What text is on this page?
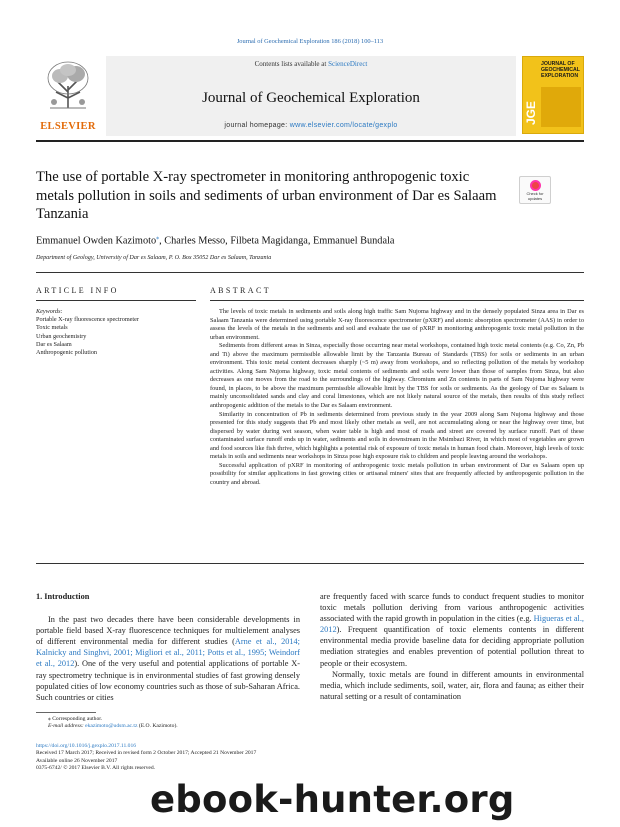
Journal of Geochemical Exploration 186 (2018) 100–113
ELSEVIER
Contents lists available at ScienceDirect
Journal of Geochemical Exploration
journal homepage: www.elsevier.com/locate/gexplo
JGE
JOURNAL OF GEOCHEMICAL EXPLORATION
The use of portable X-ray spectrometer in monitoring anthropogenic toxic metals pollution in soils and sediments of urban environment of Dar es Salaam Tanzania
Check for updates
Emmanuel Owden Kazimoto⁎, Charles Messo, Filbeta Magidanga, Emmanuel Bundala
Department of Geology, University of Dar es Salaam, P. O. Box 35052 Dar es Salaam, Tanzania
ARTICLE INFO	ABSTRACT
Keywords:
Portable X-ray fluorescence spectrometer
Toxic metals
Urban geochemistry
Dar es Salaam
Anthropogenic pollution

The levels of toxic metals in sediments and soils along high traffic Sam Nujoma highway and in the densely populated Sinza area in Dar es Salaam Tanzania were determined using portable X-ray fluorescence spectrometer (pXRF) and atomic absorption spectrometer (AAS) in order to assess the levels of the metals in the sediments and soil and evaluate the use of pXRF in monitoring anthropogenic toxic metal pollution in the urban environment.

Sediments from different areas in Sinza, especially those occurring near metal workshops, contained high toxic metal contents (e.g. Co, Zn, Pb and Ti) above the maximum permissible allowable limit by the Tanzania Bureau of Standards (TBS) for soils or sediments in an urban environment. This toxic metal content decreases sharply (~5 m) away from workshops, and so reflecting pollution of the metals by workshop activities. Along Sam Nujoma highway, toxic metal contents of sediments and soils were lower than those of samples from Sinza, but also decreases as one moves from the road to the surroundings of the highway. Chromium and Zn contents in parts of Sam Nujoma highway were found, in places, to be above the maximum permissible allowable limit by the TBS for soils or sediments. As the geology of Dar es Salaam is mainly unconsolidated sands and clay and coral limestones, which are not likely natural source of the metals, then results of this study reflect anthropogenic addition of the metals to the Dar es Salaam environment.

Similarity in concentration of Pb in sediments determined from previous study in the year 2009 along Sam Nujoma highway and those presented for this study suggests that Pb and most likely other metals as well, are not accumulating along or near the highway over time, but dispersed by water during wet season, when water table is high and most of roads and street are covered by surface runoff. Part of these contaminated surface runoff ends up in water, sediments and soils in downstream in the Msimbazi River, in which most of vegetables are grown and food sources like fish thrive, which highlights a potential risk of exposure of toxic metals in human food chain. Moreover, high levels of toxic metals in soils and sediments near workshops in Sinza pose high exposure risk to children and people leaving around the workshops.

Successful application of pXRF in monitoring of anthropogenic toxic metals pollution in urban environment of Dar es Salaam open up possibility for similar applications in fast growing cities or artisanal miners' sites that are frequently affected by anthropogenic pollution in the country and abroad.

1. Introduction

In the past two decades there have been considerable developments in portable field based X-ray fluorescence techniques for multielement analyses of different environmental media for different studies (Arne et al., 2014; Kalnicky and Singhvi, 2001; Migliori et al., 2011; Potts et al., 1995; Weindorf et al., 2012). One of the very useful and potential applications of portable X-ray spectrometry technique is in environmental studies of fast growing densely populated cities of low economy countries such as those of sub-Saharan Africa. Such countries or cities

are frequently faced with scarce funds to conduct frequent studies to monitor toxic metals pollution deriving from various anthropogenic activities associated with the rapid growth in population in the cities (e.g. Higueras et al., 2012). Frequent quantification of toxic elements contents in different environmental media provide baseline data for deciding appropriate pollution mediation strategies and enables prevention of potential pollution threat to people or their ecosystem.

Normally, toxic metals are found in different amounts in environmental media, which include sediments, soil, water, air, flora and fauna; as either their natural setting or a result of contamination

⁎ Corresponding author.
E-mail address: ekazimoto@udsm.ac.tz (E.O. Kazimoto).
https://doi.org/10.1016/j.gexplo.2017.11.016
Received 17 March 2017; Received in revised form 2 October 2017; Accepted 21 November 2017
Available online 26 November 2017
0375-6742/ © 2017 Elsevier B.V. All rights reserved.
ebook-hunter.org
